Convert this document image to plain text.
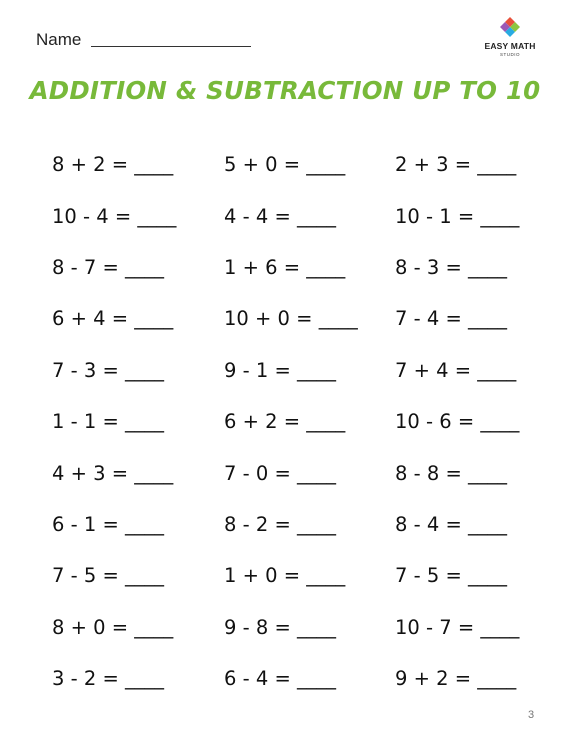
Name	EASY MATH
STUDIO
ADDITION & SUBTRACTION UP TO 10
8 + 2 = ____	5 + 0 = ____	2 + 3 = ____
10 - 4 = ____	4 - 4 = ____	10 - 1 = ____
8 - 7 = ____	1 + 6 = ____	8 - 3 = ____
6 + 4 = ____	10 + 0 = ____	7 - 4 = ____
7 - 3 = ____	9 - 1 = ____	7 + 4 = ____
1 - 1 = ____	6 + 2 = ____	10 - 6 = ____
4 + 3 = ____	7 - 0 = ____	8 - 8 = ____
6 - 1 = ____	8 - 2 = ____	8 - 4 = ____
7 - 5 = ____	1 + 0 = ____	7 - 5 = ____
8 + 0 = ____	9 - 8 = ____	10 - 7 = ____
3 - 2 = ____	6 - 4 = ____	9 + 2 = ____
3
